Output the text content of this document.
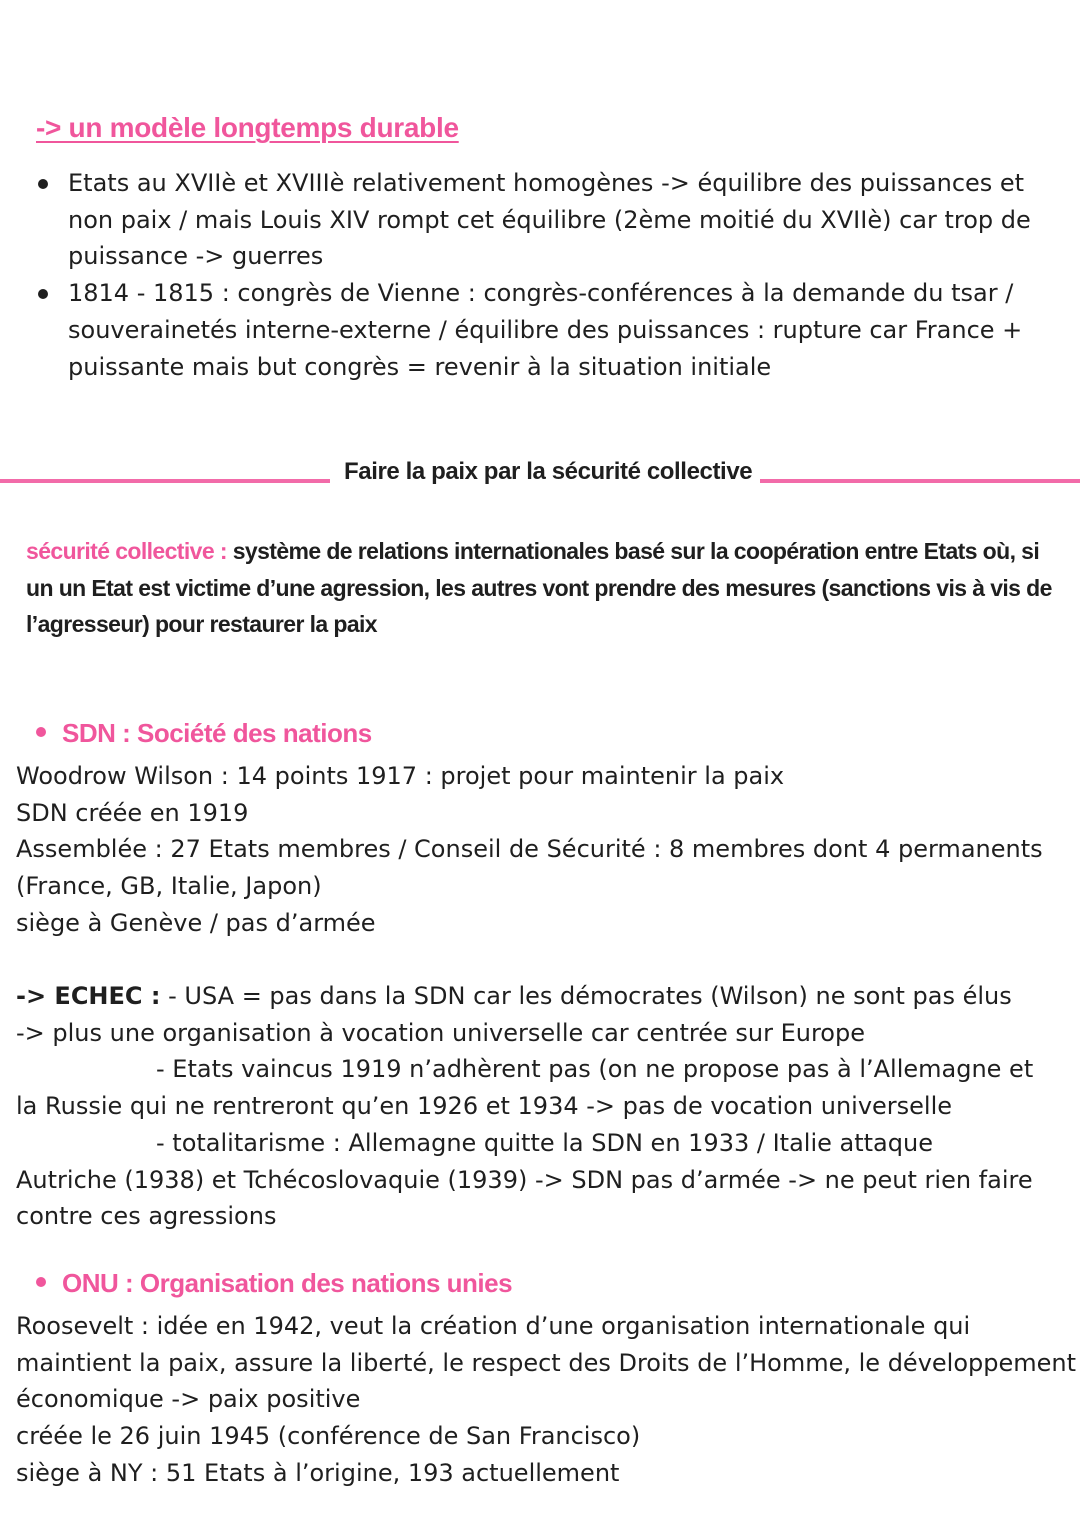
-> un modèle longtemps durable
Etats au XVIIè et XVIIIè relativement homogènes -> équilibre des puissances et non paix / mais Louis XIV rompt cet équilibre (2ème moitié du XVIIè) car trop de puissance -> guerres
1814 - 1815 : congrès de Vienne : congrès-conférences à la demande du tsar / souverainetés interne-externe / équilibre des puissances : rupture car France + puissante mais but congrès = revenir à la situation initiale
Faire la paix par la sécurité collective
sécurité collective : système de relations internationales basé sur la coopération entre Etats où, si un un Etat est victime d’une agression, les autres vont prendre des mesures (sanctions vis à vis de l’agresseur) pour restaurer la paix
SDN : Société des nations

Woodrow Wilson : 14 points 1917 : projet pour maintenir la paix

SDN créée en 1919

Assemblée : 27 Etats membres / Conseil de Sécurité : 8 membres dont 4 permanents (France, GB, Italie, Japon)

siège à Genève / pas d’armée

-> ECHEC : - USA = pas dans la SDN car les démocrates (Wilson) ne sont pas élus

-> plus une organisation à vocation universelle car centrée sur Europe

- Etats vaincus 1919 n’adhèrent pas (on ne propose pas à l’Allemagne et

la Russie qui ne rentreront qu’en 1926 et 1934 -> pas de vocation universelle

- totalitarisme : Allemagne quitte la SDN en 1933 / Italie attaque

Autriche (1938) et Tchécoslovaquie (1939) -> SDN pas d’armée -> ne peut rien faire contre ces agressions

ONU : Organisation des nations unies

Roosevelt : idée en 1942, veut la création d’une organisation internationale qui maintient la paix, assure la liberté, le respect des Droits de l’Homme, le développement économique -> paix positive

créée le 26 juin 1945 (conférence de San Francisco)

siège à NY : 51 Etats à l’origine, 193 actuellement
